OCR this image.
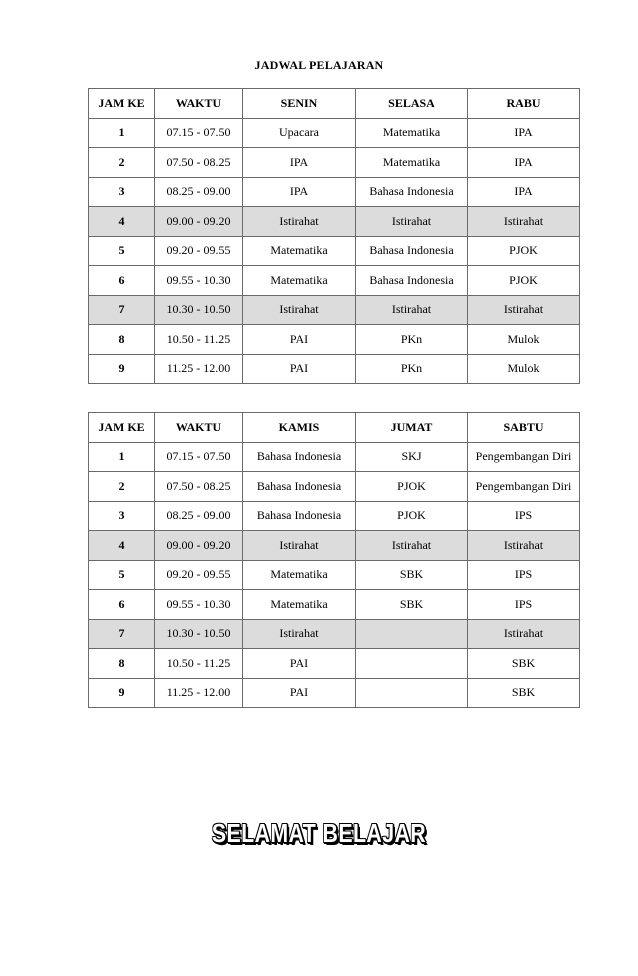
JADWAL PELAJARAN
JAM KE	WAKTU	SENIN	SELASA	RABU
1	07.15 - 07.50	Upacara	Matematika	IPA
2	07.50 - 08.25	IPA	Matematika	IPA
3	08.25 - 09.00	IPA	Bahasa Indonesia	IPA
4	09.00 - 09.20	Istirahat	Istirahat	Istirahat
5	09.20 - 09.55	Matematika	Bahasa Indonesia	PJOK
6	09.55 - 10.30	Matematika	Bahasa Indonesia	PJOK
7	10.30 - 10.50	Istirahat	Istirahat	Istirahat
8	10.50 - 11.25	PAI	PKn	Mulok
9	11.25 - 12.00	PAI	PKn	Mulok
JAM KE	WAKTU	KAMIS	JUMAT	SABTU
1	07.15 - 07.50	Bahasa Indonesia	SKJ	Pengembangan Diri
2	07.50 - 08.25	Bahasa Indonesia	PJOK	Pengembangan Diri
3	08.25 - 09.00	Bahasa Indonesia	PJOK	IPS
4	09.00 - 09.20	Istirahat	Istirahat	Istirahat
5	09.20 - 09.55	Matematika	SBK	IPS
6	09.55 - 10.30	Matematika	SBK	IPS
7	10.30 - 10.50	Istirahat		Istirahat
8	10.50 - 11.25	PAI		SBK
9	11.25 - 12.00	PAI		SBK
SELAMAT BELAJAR
